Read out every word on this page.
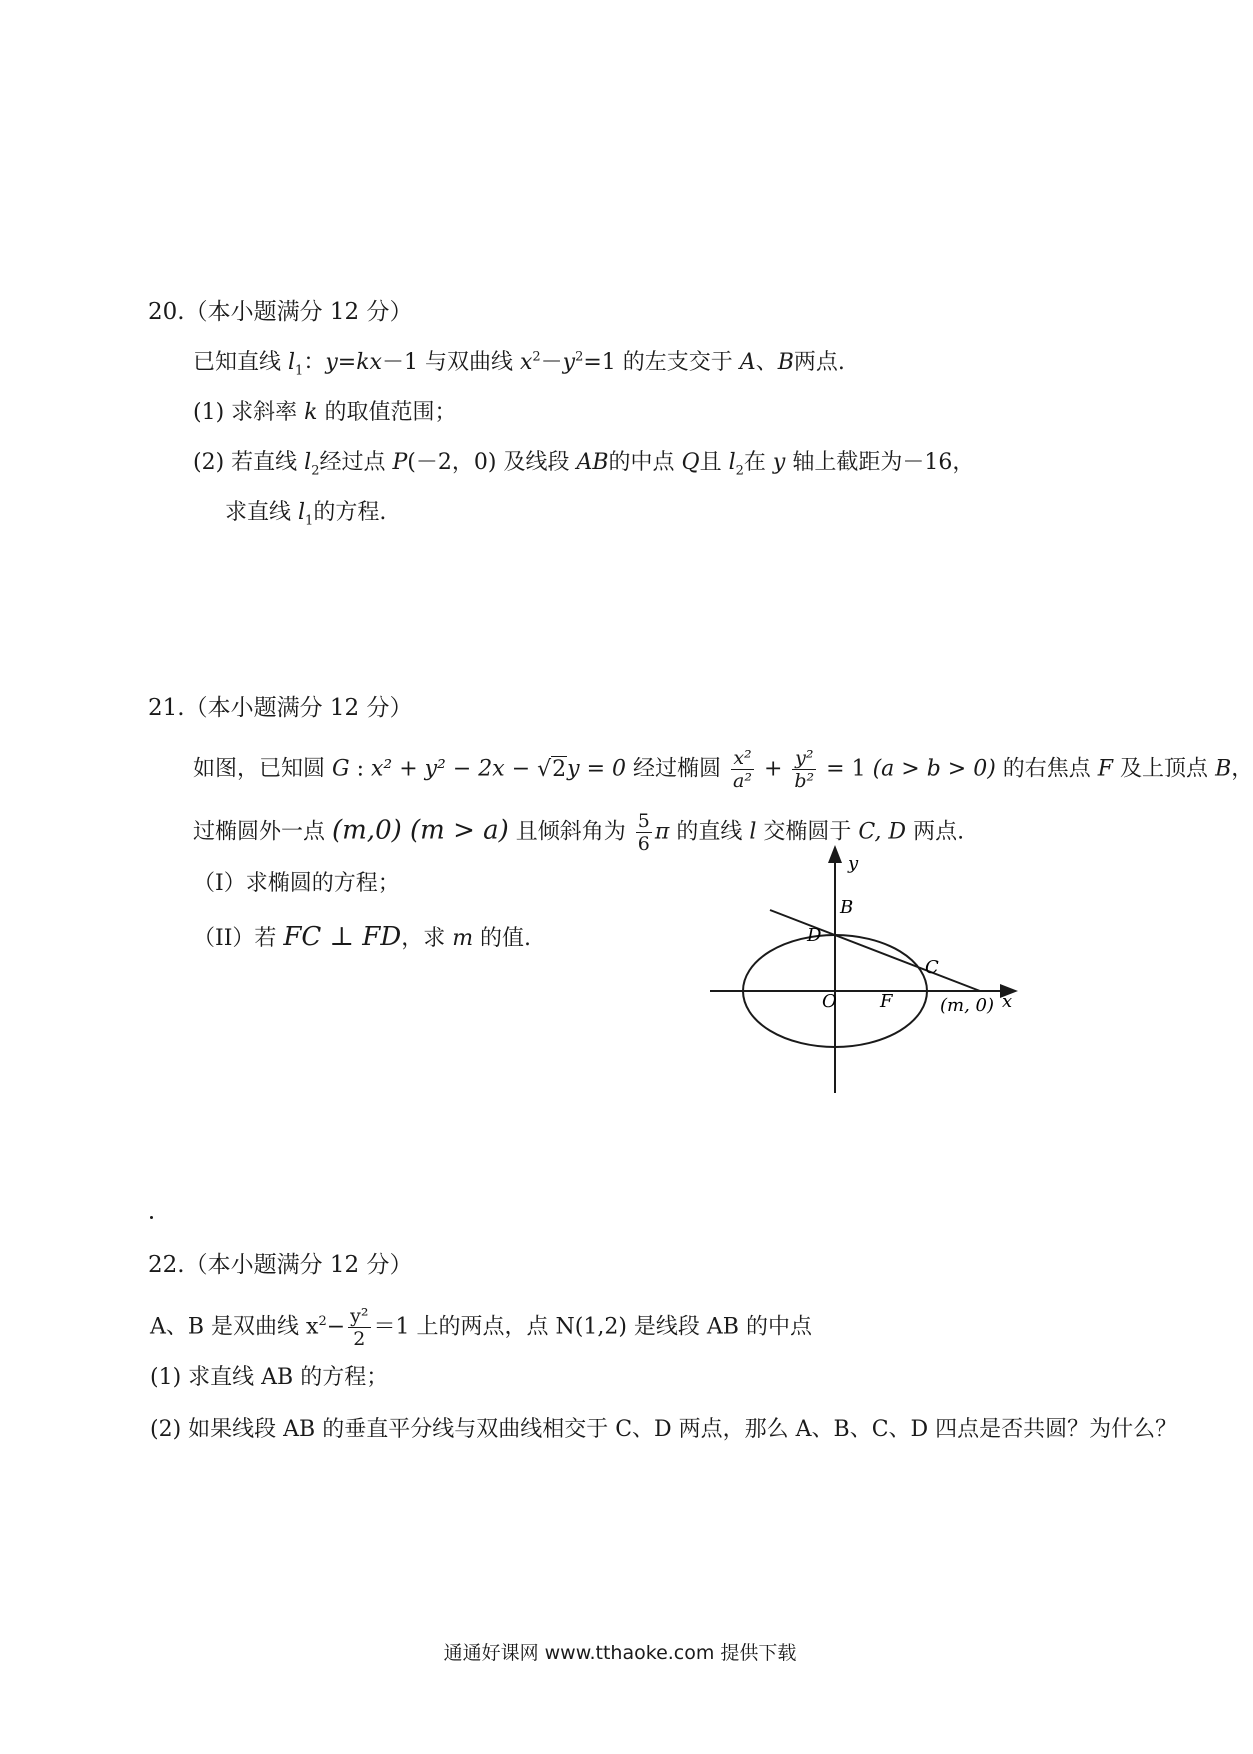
20.（本小题满分 12 分）
已知直线 $l_1$：y=kx－1 与双曲线 $x^2-y^2=1$ 的左支交于 A、B两点.
(1) 求斜率 k 的取值范围；
(2) 若直线 $l_2$经过点 P(－2，0) 及线段 AB的中点 Q且 $l_2$在 y 轴上截距为－16，
求直线 $l_1$的方程.
21.（本小题满分 12 分）
如图，已知圆 G : x² + y² − 2x − √2y = 0 经过椭圆 $\frac{\text{x²}}{\text{a²}} + \frac{\text{y²}}{\text{b²}} = 1$ (a > b > 0) 的右焦点 F 及上顶点 B，
过椭圆外一点 (m,0) (m > a) 且倾斜角为 $\frac{5}{6}$ π 的直线 l 交椭圆于 C, D 两点.
（I）求椭圆的方程；
（II）若 FC ⊥ FD，求 m 的值.
y
x
B
D
C
O F	(m, 0)
22.（本小题满分 12 分）
A、B 是双曲线 $x^2- \frac{\text{y²}}{2} =1$ 上的两点，点 N(1,2) 是线段 AB 的中点
(1) 求直线 AB 的方程；
(2) 如果线段 AB 的垂直平分线与双曲线相交于 C、D 两点，那么 A、B、C、D 四点是否共圆？为什么？
通通好课网 www.tthaoke.com 提供下载
